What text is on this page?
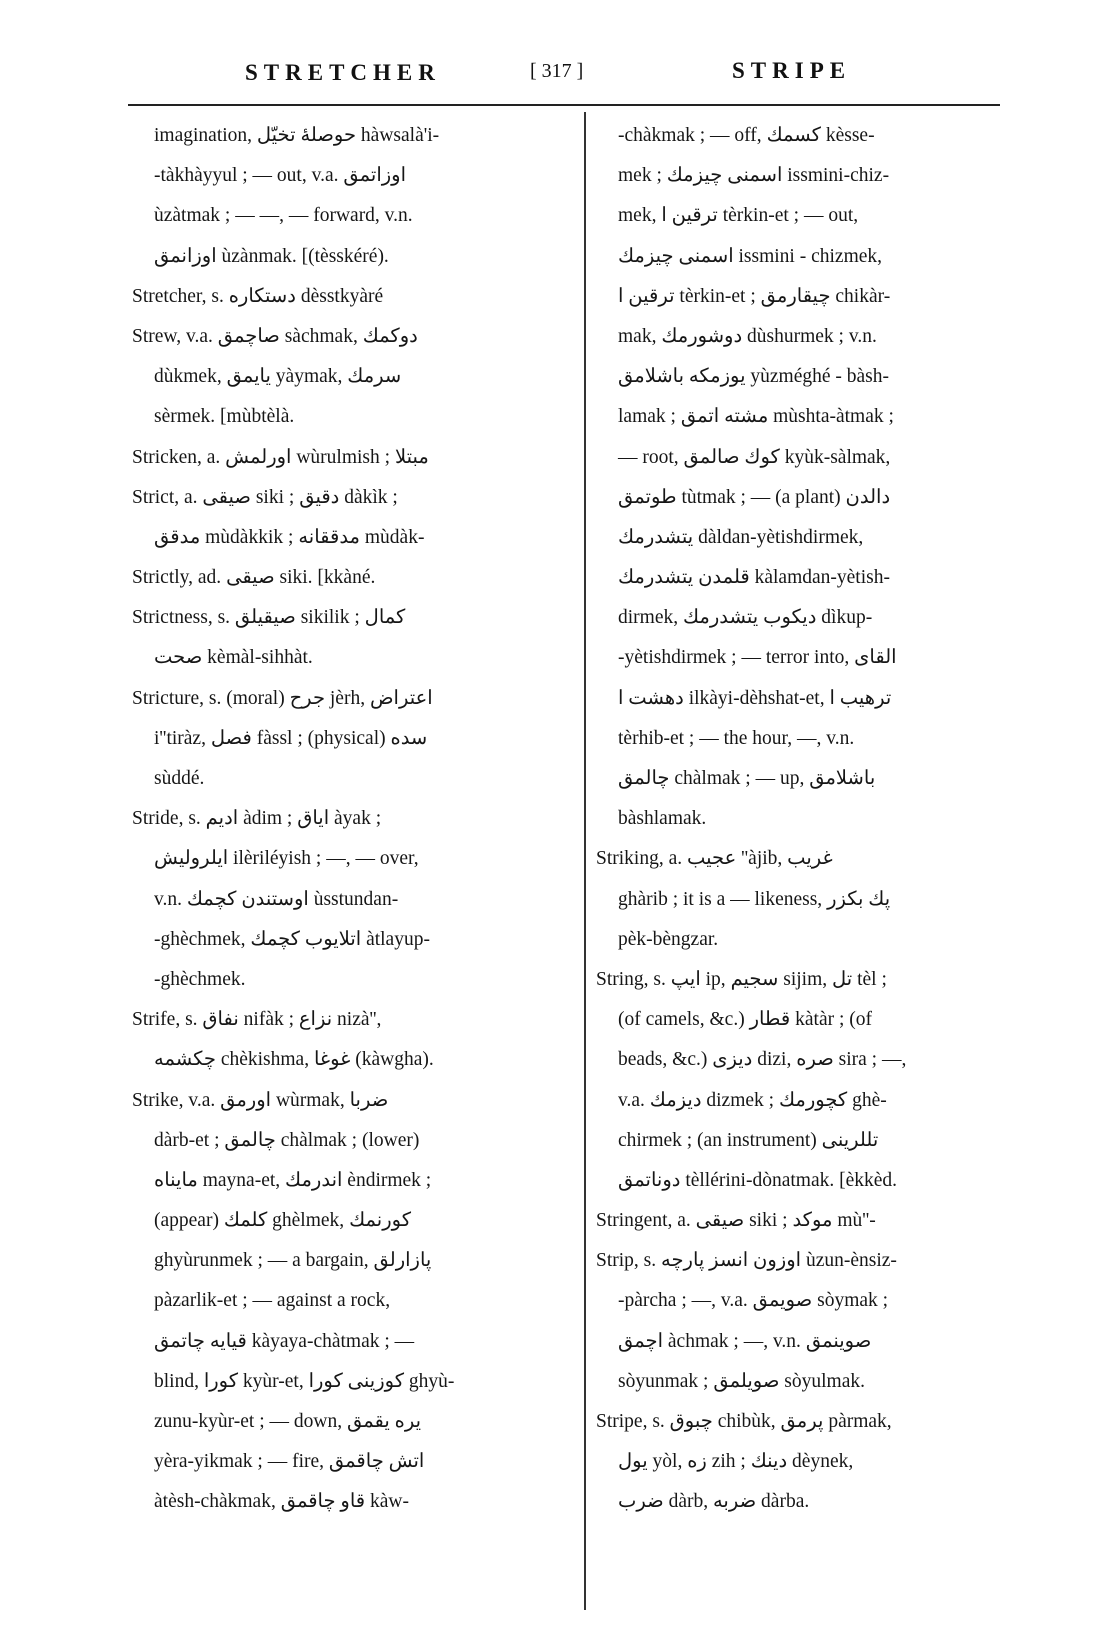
STRETCHER	[ 317 ]	STRIPE
imagination, حوصلهٔ تخیّل hàwsalà'i-
-tàkhàyyul ; — out, v.a. اوزاتمق
ùzàtmak ; — —, — forward, v.n.
اوزانمق ùzànmak. [(tèsskéré).
Stretcher, s. دستکاره dèsstkyàré
Strew, v.a. صاچمق sàchmak, دوکمك
dùkmek, یایمق yàymak, سرمك
sèrmek. [mùbtèlà.
Stricken, a. اورلمش wùrulmish ; مبتلا
Strict, a. صیقی siki ; دقیق dàkìk ;
مدقق mùdàkkik ; مدققانه mùdàk-
Strictly, ad. صیقی siki. [kkàné.
Strictness, s. صیقیلق sikilik ; کمال
صحت kèmàl-sihhàt.
Stricture, s. (moral) جرح jèrh, اعتراض
i''tiràz, فصل fàssl ; (physical) سده
sùddé.
Stride, s. ادیم àdim ; ایاق àyak ;
ایلرولیش ilèriléyish ; —, — over,
v.n. اوستندن کچمك ùsstundan-
-ghèchmek, اتلایوب کچمك àtlayup-
-ghèchmek.
Strife, s. نفاق nifàk ; نزاع nizà'',
چکشمه chèkishma, غوغا (kàwgha).
Strike, v.a. اورمق wùrmak, ضربا
dàrb-et ; چالمق chàlmak ; (lower)
مایناه mayna-et, اندرمك èndirmek ;
(appear) کلمك ghèlmek, کورنمك
ghyùrunmek ; — a bargain, پازارلق
pàzarlik-et ; — against a rock,
قیایه چاتمق kàyaya-chàtmak ; —
blind, کورا kyùr-et, کوزینی کورا ghyù-
zunu-kyùr-et ; — down, یره یقمق
yèra-yikmak ; — fire, اتش چاقمق
àtèsh-chàkmak, قاو چاقمق kàw-
-chàkmak ; — off, کسمك kèsse-
mek ; اسمنی چیزمك issmini-chiz-
mek, ترقین ا tèrkin-et ; — out,
اسمنی چیزمك issmini - chizmek,
ترقین ا tèrkin-et ; چیقارمق chikàr-
mak, دوشورمك dùshurmek ; v.n.
یوزمکه باشلامق yùzméghé - bàsh-
lamak ; مشته اتمق mùshta-àtmak ;
— root, کوك صالمق kyùk-sàlmak,
طوتمق tùtmak ; — (a plant) دالدن
یتشدرمك dàldan-yètishdirmek,
قلمدن یتشدرمك kàlamdan-yètish-
dirmek, دیکوب یتشدرمك dìkup-
-yètishdirmek ; — terror into, القای
دهشت ا ilkàyi-dèhshat-et, ترهیب ا
tèrhib-et ; — the hour, —, v.n.
چالمق chàlmak ; — up, باشلامق
bàshlamak.
Striking, a. عجیب ''àjib, غریب
ghàrib ; it is a — likeness, پك بکزر
pèk-bèngzar.
String, s. ایپ ip, سجیم sijim, تل tèl ;
(of camels, &c.) قطار kàtàr ; (of
beads, &c.) دیزی dizi, صره sira ; —,
v.a. دیزمك dizmek ; کچورمك ghè-
chirmek ; (an instrument) تللرینی
دوناتمق tèllérini-dònatmak. [èkkèd.
Stringent, a. صیقی siki ; موکد mù''-
Strip, s. اوزون انسز پارچه ùzun-ènsiz-
-pàrcha ; —, v.a. صویمق sòymak ;
اچمق àchmak ; —, v.n. صوینمق
sòyunmak ; صویلمق sòyulmak.
Stripe, s. چبوق chibùk, پرمق pàrmak,
یول yòl, زه zih ; دینك dèynek,
ضرب dàrb, ضربه dàrba.
